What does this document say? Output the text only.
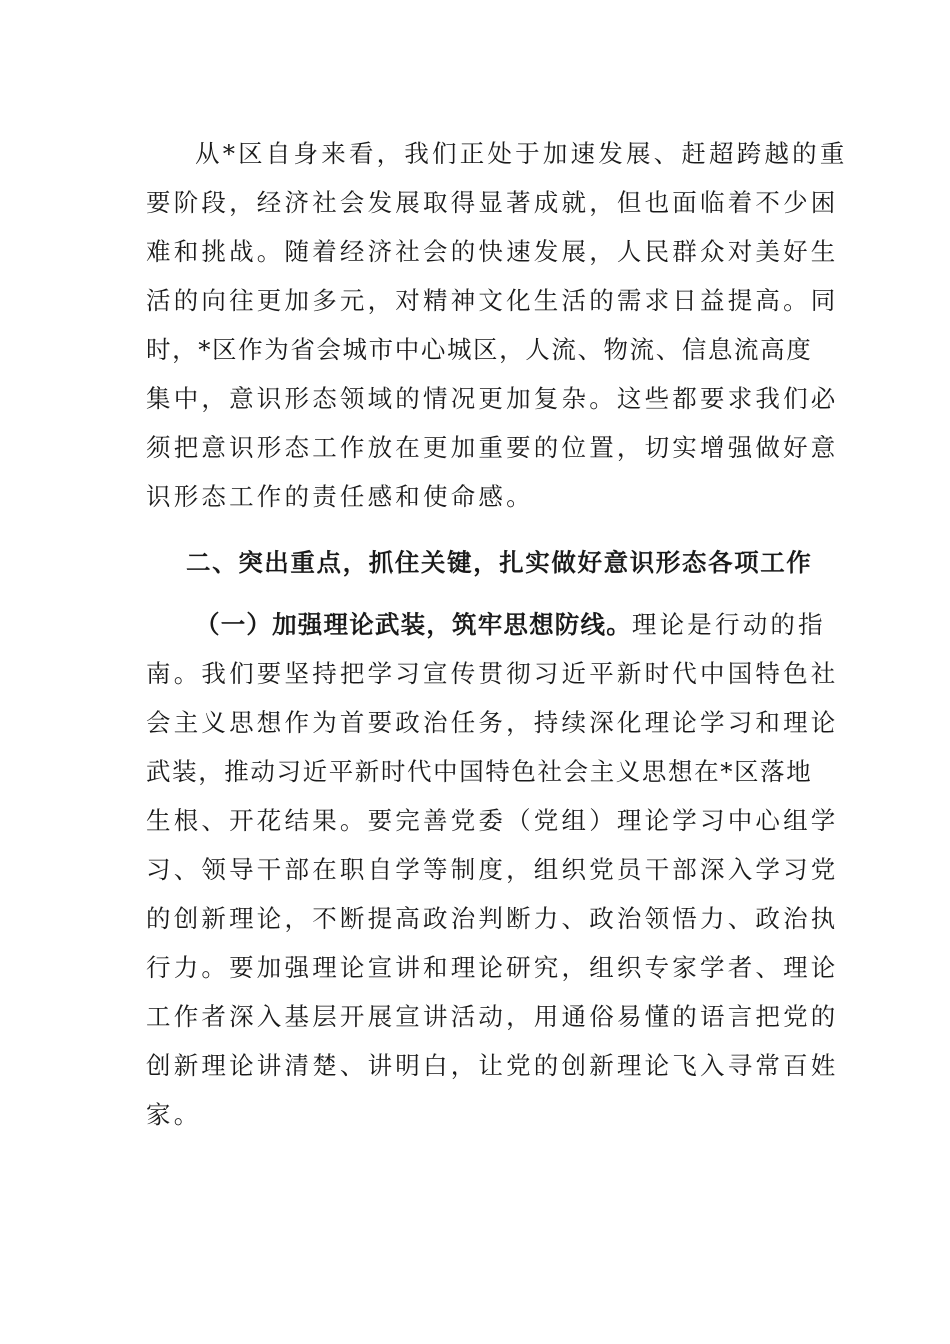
从*区自身来看，我们正处于加速发展、赶超跨越的重
要阶段，经济社会发展取得显著成就，但也面临着不少困
难和挑战。随着经济社会的快速发展，人民群众对美好生
活的向往更加多元，对精神文化生活的需求日益提高。同
时，*区作为省会城市中心城区，人流、物流、信息流高度
集中，意识形态领域的情况更加复杂。这些都要求我们必
须把意识形态工作放在更加重要的位置，切实增强做好意
识形态工作的责任感和使命感。
二、突出重点，抓住关键，扎实做好意识形态各项工作
（一）加强理论武装，筑牢思想防线。理论是行动的指
南。我们要坚持把学习宣传贯彻习近平新时代中国特色社
会主义思想作为首要政治任务，持续深化理论学习和理论
武装，推动习近平新时代中国特色社会主义思想在*区落地
生根、开花结果。要完善党委（党组）理论学习中心组学
习、领导干部在职自学等制度，组织党员干部深入学习党
的创新理论，不断提高政治判断力、政治领悟力、政治执
行力。要加强理论宣讲和理论研究，组织专家学者、理论
工作者深入基层开展宣讲活动，用通俗易懂的语言把党的
创新理论讲清楚、讲明白，让党的创新理论飞入寻常百姓
家。
